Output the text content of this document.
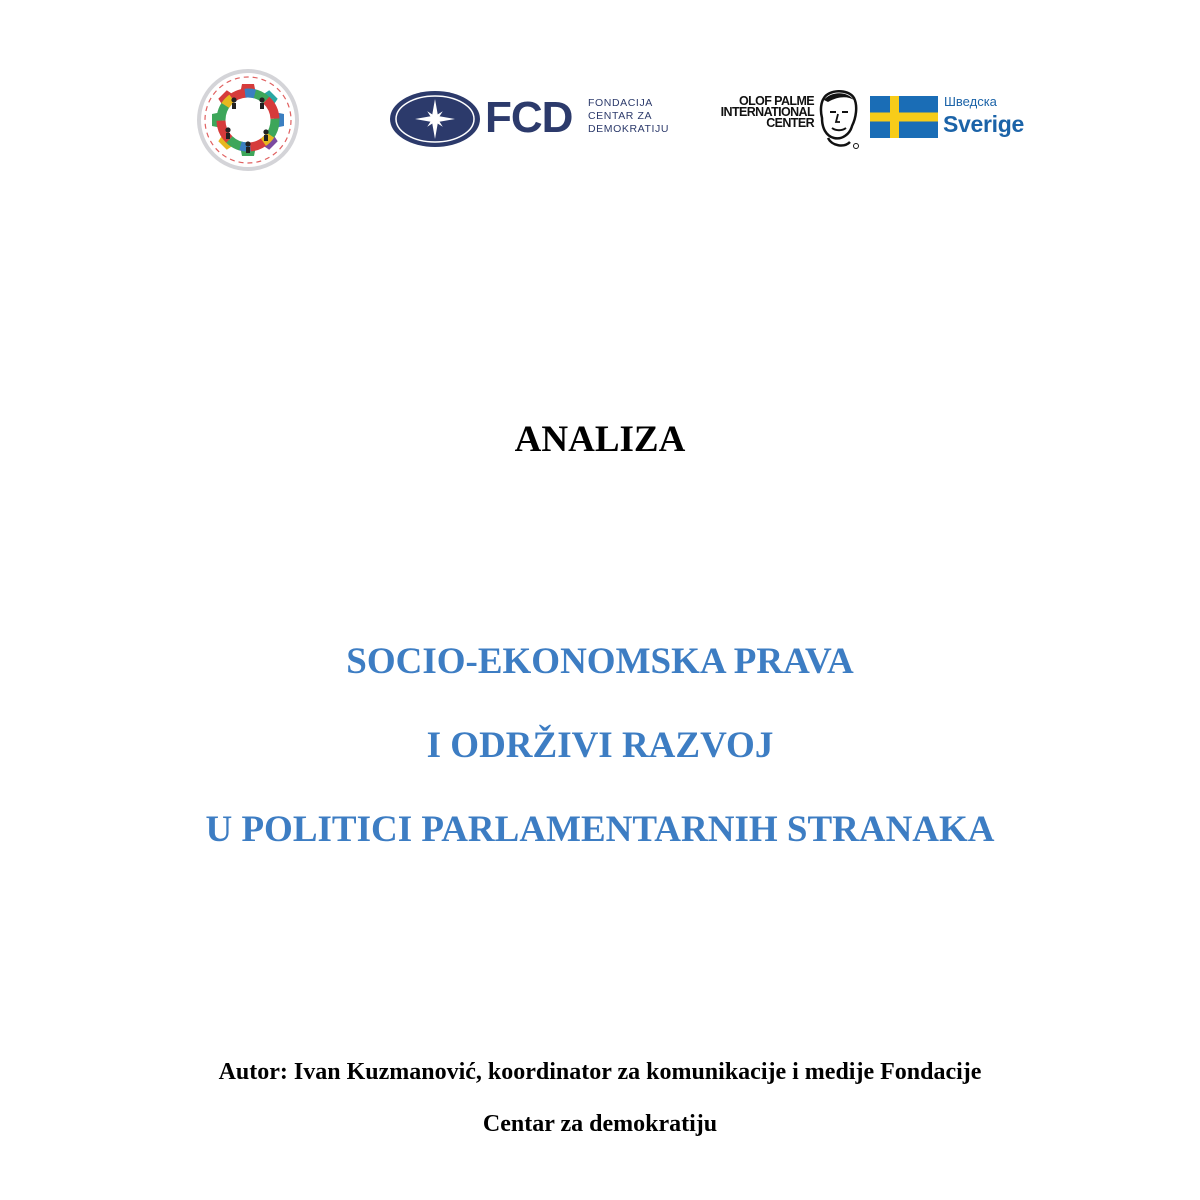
FCD FONDACIJA
CENTAR ZA
DEMOKRATIJU
OLOF PALME
INTERNATIONAL
CENTER
Шведска
Sverige
ANALIZA
SOCIO-EKONOMSKA PRAVA
I ODRŽIVI RAZVOJ
U POLITICI PARLAMENTARNIH STRANAKA
Autor: Ivan Kuzmanović, koordinator za komunikacije i medije Fondacije
Centar za demokratiju
